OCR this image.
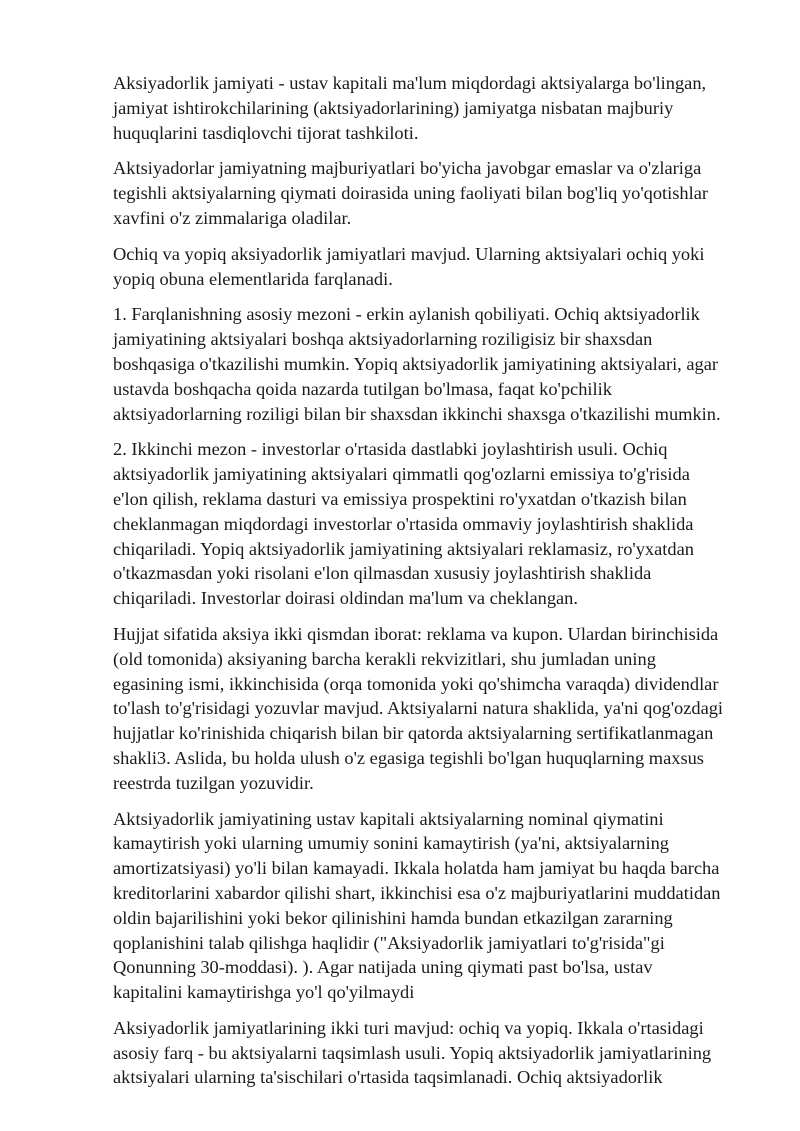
Aksiyadorlik jamiyati - ustav kapitali ma'lum miqdordagi aktsiyalarga bo'lingan,
jamiyat ishtirokchilarining (aktsiyadorlarining) jamiyatga nisbatan majburiy
huquqlarini tasdiqlovchi tijorat tashkiloti.

Aktsiyadorlar jamiyatning majburiyatlari bo'yicha javobgar emaslar va o'zlariga
tegishli aktsiyalarning qiymati doirasida uning faoliyati bilan bog'liq yo'qotishlar
xavfini o'z zimmalariga oladilar.

Ochiq va yopiq aksiyadorlik jamiyatlari mavjud. Ularning aktsiyalari ochiq yoki
yopiq obuna elementlarida farqlanadi.

1. Farqlanishning asosiy mezoni - erkin aylanish qobiliyati. Ochiq aktsiyadorlik
jamiyatining aktsiyalari boshqa aktsiyadorlarning roziligisiz bir shaxsdan
boshqasiga o'tkazilishi mumkin. Yopiq aktsiyadorlik jamiyatining aktsiyalari, agar
ustavda boshqacha qoida nazarda tutilgan bo'lmasa, faqat ko'pchilik
aktsiyadorlarning roziligi bilan bir shaxsdan ikkinchi shaxsga o'tkazilishi mumkin.

2. Ikkinchi mezon - investorlar o'rtasida dastlabki joylashtirish usuli. Ochiq
aktsiyadorlik jamiyatining aktsiyalari qimmatli qog'ozlarni emissiya to'g'risida
e'lon qilish, reklama dasturi va emissiya prospektini ro'yxatdan o'tkazish bilan
cheklanmagan miqdordagi investorlar o'rtasida ommaviy joylashtirish shaklida
chiqariladi. Yopiq aktsiyadorlik jamiyatining aktsiyalari reklamasiz, ro'yxatdan
o'tkazmasdan yoki risolani e'lon qilmasdan xususiy joylashtirish shaklida
chiqariladi. Investorlar doirasi oldindan ma'lum va cheklangan.

Hujjat sifatida aksiya ikki qismdan iborat: reklama va kupon. Ulardan birinchisida
(old tomonida) aksiyaning barcha kerakli rekvizitlari, shu jumladan uning
egasining ismi, ikkinchisida (orqa tomonida yoki qo'shimcha varaqda) dividendlar
to'lash to'g'risidagi yozuvlar mavjud. Aktsiyalarni natura shaklida, ya'ni qog'ozdagi
hujjatlar ko'rinishida chiqarish bilan bir qatorda aktsiyalarning sertifikatlanmagan
shakli3. Aslida, bu holda ulush o'z egasiga tegishli bo'lgan huquqlarning maxsus
reestrda tuzilgan yozuvidir.

Aktsiyadorlik jamiyatining ustav kapitali aktsiyalarning nominal qiymatini
kamaytirish yoki ularning umumiy sonini kamaytirish (ya'ni, aktsiyalarning
amortizatsiyasi) yo'li bilan kamayadi. Ikkala holatda ham jamiyat bu haqda barcha
kreditorlarini xabardor qilishi shart, ikkinchisi esa o'z majburiyatlarini muddatidan
oldin bajarilishini yoki bekor qilinishini hamda bundan etkazilgan zararning
qoplanishini talab qilishga haqlidir ("Aksiyadorlik jamiyatlari to'g'risida"gi
Qonunning 30-moddasi). ). Agar natijada uning qiymati past bo'lsa, ustav
kapitalini kamaytirishga yo'l qo'yilmaydi

Aksiyadorlik jamiyatlarining ikki turi mavjud: ochiq va yopiq. Ikkala o'rtasidagi
asosiy farq - bu aktsiyalarni taqsimlash usuli. Yopiq aktsiyadorlik jamiyatlarining
aktsiyalari ularning ta'sischilari o'rtasida taqsimlanadi. Ochiq aktsiyadorlik
